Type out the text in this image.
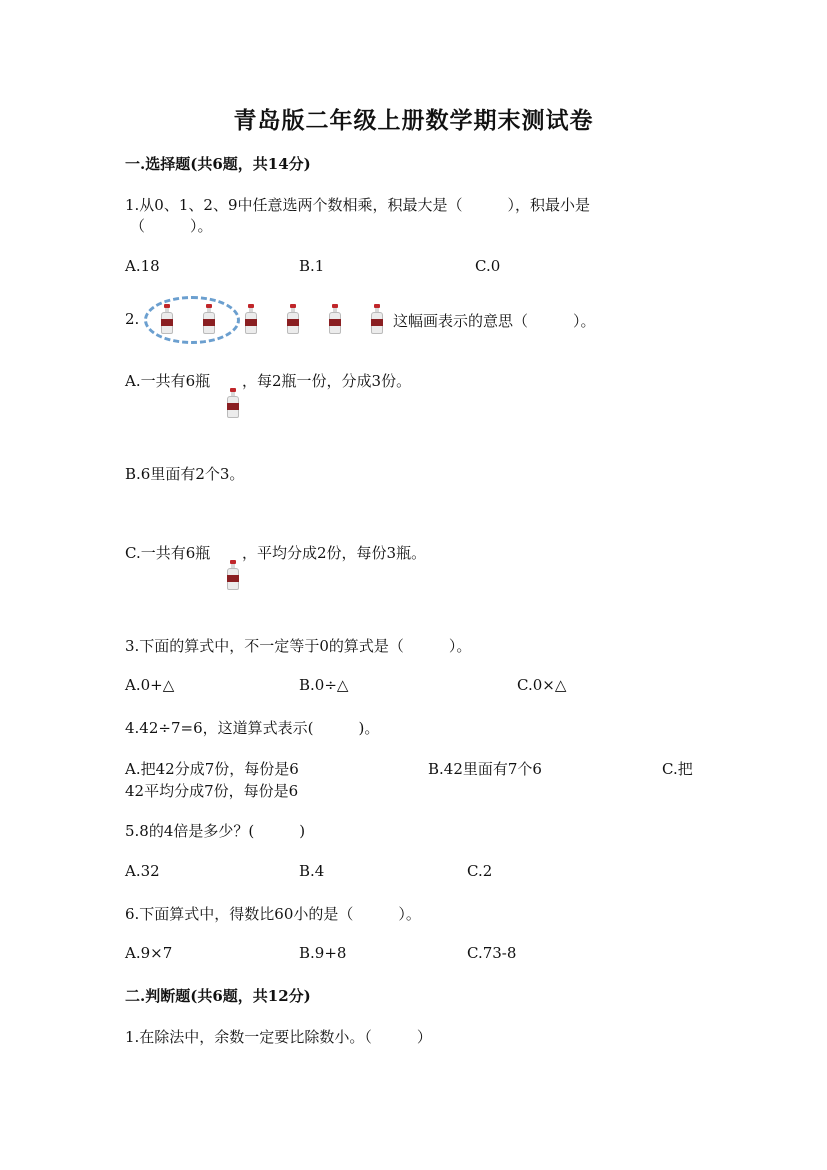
青岛版二年级上册数学期末测试卷
一.选择题(共6题，共14分)
1.从0、1、2、9中任意选两个数相乘，积最大是（　　　），积最小是
（　　　）。
A.18	B.1	C.0
2.	这幅画表示的意思（　　　）。
A.一共有6瓶 ，每2瓶一份，分成3份。
B.6里面有2个3。
C.一共有6瓶 ，平均分成2份，每份3瓶。
3.下面的算式中，不一定等于0的算式是（　　　）。
A.0+△	B.0÷△	C.0×△
4.42÷7=6，这道算式表示(　　　)。
A.把42分成7份，每份是6	B.42里面有7个6	C.把
42平均分成7份，每份是6
5.8的4倍是多少？(　　　)
A.32	B.4	C.2
6.下面算式中，得数比60小的是（　　　）。
A.9×7	B.9+8	C.73-8
二.判断题(共6题，共12分)
1.在除法中，余数一定要比除数小。（　　　）
